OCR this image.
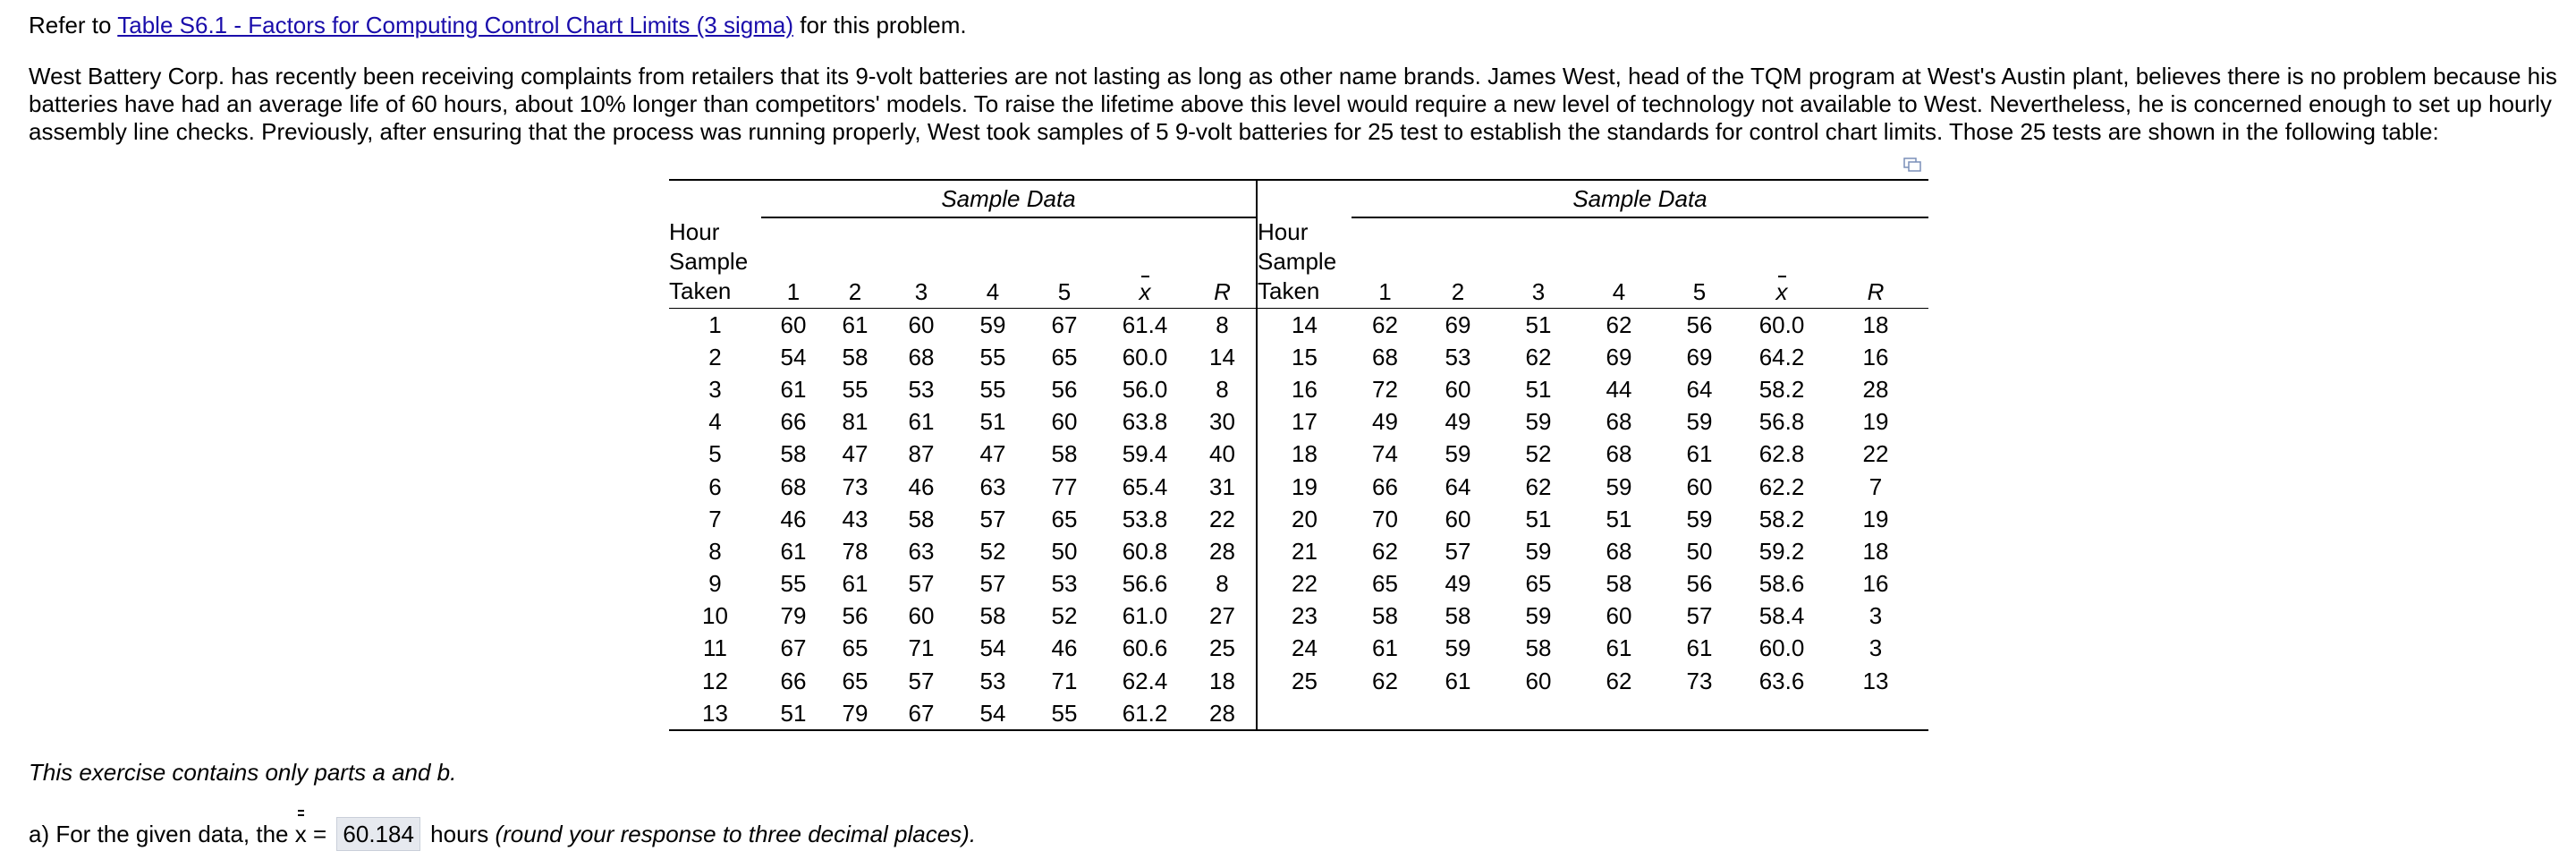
Refer to Table S6.1 - Factors for Computing Control Chart Limits (3 sigma) for this problem.
West Battery Corp. has recently been receiving complaints from retailers that its 9-volt batteries are not lasting as long as other name brands. James West, head of the TQM program at West's Austin plant, believes there is no problem because his batteries have had an average life of 60 hours, about 10% longer than competitors' models. To raise the lifetime above this level would require a new level of technology not available to West. Nevertheless, he is concerned enough to set up hourly assembly line checks. Previously, after ensuring that the process was running properly, West took samples of 5 9-volt batteries for 25 test to establish the standards for control chart limits. Those 25 tests are shown in the following table:
	Sample Data								Sample Data						
Hour
Sample
Taken	1	2	3	4	5	x	R	Hour
Sample
Taken	1	2	3	4	5	x	R
1	60	61	60	59	67	61.4	8	14	62	69	51	62	56	60.0	18
2	54	58	68	55	65	60.0	14	15	68	53	62	69	69	64.2	16
3	61	55	53	55	56	56.0	8	16	72	60	51	44	64	58.2	28
4	66	81	61	51	60	63.8	30	17	49	49	59	68	59	56.8	19
5	58	47	87	47	58	59.4	40	18	74	59	52	68	61	62.8	22
6	68	73	46	63	77	65.4	31	19	66	64	62	59	60	62.2	7
7	46	43	58	57	65	53.8	22	20	70	60	51	51	59	58.2	19
8	61	78	63	52	50	60.8	28	21	62	57	59	68	50	59.2	18
9	55	61	57	57	53	56.6	8	22	65	49	65	58	56	58.6	16
10	79	56	60	58	52	61.0	27	23	58	58	59	60	57	58.4	3
11	67	65	71	54	46	60.6	25	24	61	59	58	61	61	60.0	3
12	66	65	57	53	71	62.4	18	25	62	61	60	62	73	63.6	13
13	51	79	67	54	55	61.2	28								
This exercise contains only parts a and b.
a) For the given data, the x = 60.184 hours (round your response to three decimal places).
